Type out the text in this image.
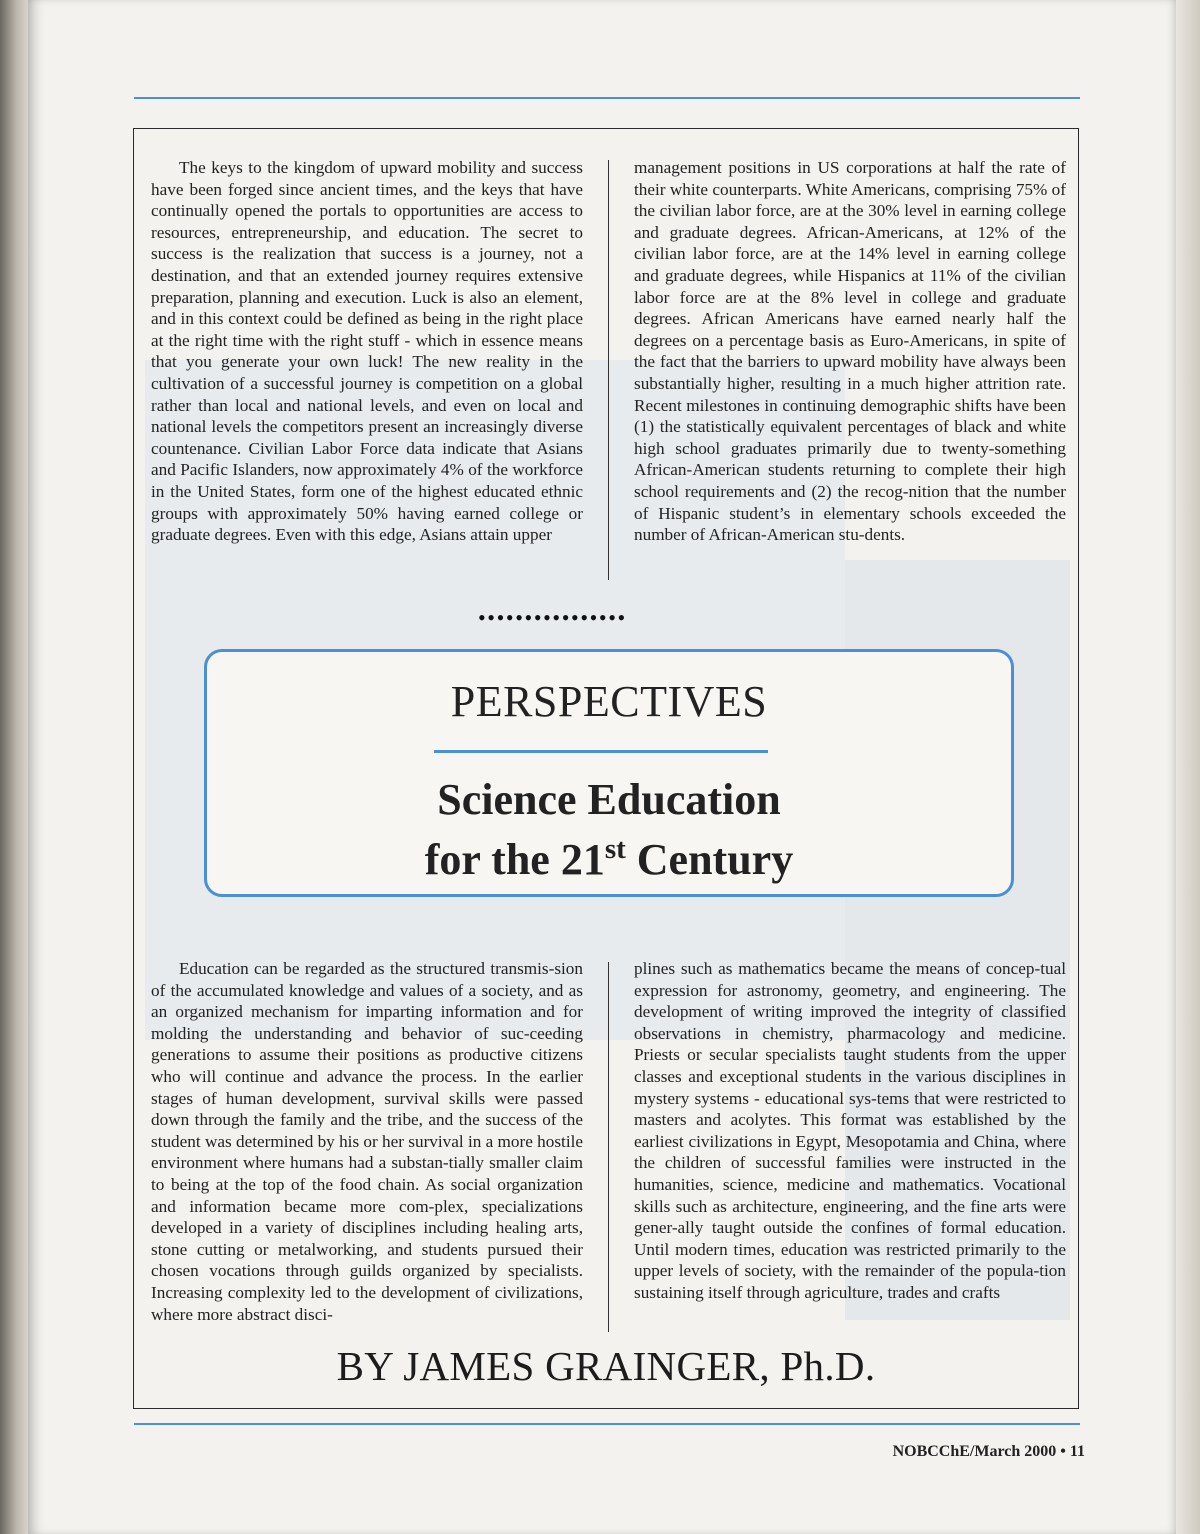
The keys to the kingdom of upward mobility and success have been forged since ancient times, and the keys that have continually opened the portals to opportunities are access to resources, entrepreneurship, and education. The secret to success is the realization that success is a journey, not a destination, and that an extended journey requires extensive preparation, planning and execution. Luck is also an element, and in this context could be defined as being in the right place at the right time with the right stuff - which in essence means that you generate your own luck! The new reality in the cultivation of a successful journey is competition on a global rather than local and national levels, and even on local and national levels the competitors present an increasingly diverse countenance. Civilian Labor Force data indicate that Asians and Pacific Islanders, now approximately 4% of the workforce in the United States, form one of the highest educated ethnic groups with approximately 50% having earned college or graduate degrees. Even with this edge, Asians attain upper

management positions in US corporations at half the rate of their white counterparts. White Americans, comprising 75% of the civilian labor force, are at the 30% level in earning college and graduate degrees. African-Americans, at 12% of the civilian labor force, are at the 14% level in earning college and graduate degrees, while Hispanics at 11% of the civilian labor force are at the 8% level in college and graduate degrees. African Americans have earned nearly half the degrees on a percentage basis as Euro-Americans, in spite of the fact that the barriers to upward mobility have always been substantially higher, resulting in a much higher attrition rate. Recent milestones in continuing demographic shifts have been (1) the statistically equivalent percentages of black and white high school graduates primarily due to twenty-something African-American students returning to complete their high school requirements and (2) the recog-nition that the number of Hispanic student’s in elementary schools exceeded the number of African-American stu-dents.

••••••••••••••••
PERSPECTIVES
Science Education
for the 21st Century

Education can be regarded as the structured transmis-sion of the accumulated knowledge and values of a society, and as an organized mechanism for imparting information and for molding the understanding and behavior of suc-ceeding generations to assume their positions as productive citizens who will continue and advance the process. In the earlier stages of human development, survival skills were passed down through the family and the tribe, and the success of the student was determined by his or her survival in a more hostile environment where humans had a substan-tially smaller claim to being at the top of the food chain. As social organization and information became more com-plex, specializations developed in a variety of disciplines including healing arts, stone cutting or metalworking, and students pursued their chosen vocations through guilds organized by specialists. Increasing complexity led to the development of civilizations, where more abstract disci-

plines such as mathematics became the means of concep-tual expression for astronomy, geometry, and engineering. The development of writing improved the integrity of classified observations in chemistry, pharmacology and medicine. Priests or secular specialists taught students from the upper classes and exceptional students in the various disciplines in mystery systems - educational sys-tems that were restricted to masters and acolytes. This format was established by the earliest civilizations in Egypt, Mesopotamia and China, where the children of successful families were instructed in the humanities, science, medicine and mathematics. Vocational skills such as architecture, engineering, and the fine arts were gener-ally taught outside the confines of formal education. Until modern times, education was restricted primarily to the upper levels of society, with the remainder of the popula-tion sustaining itself through agriculture, trades and crafts

BY JAMES GRAINGER, Ph.D.
NOBCChE/March 2000 • 11
